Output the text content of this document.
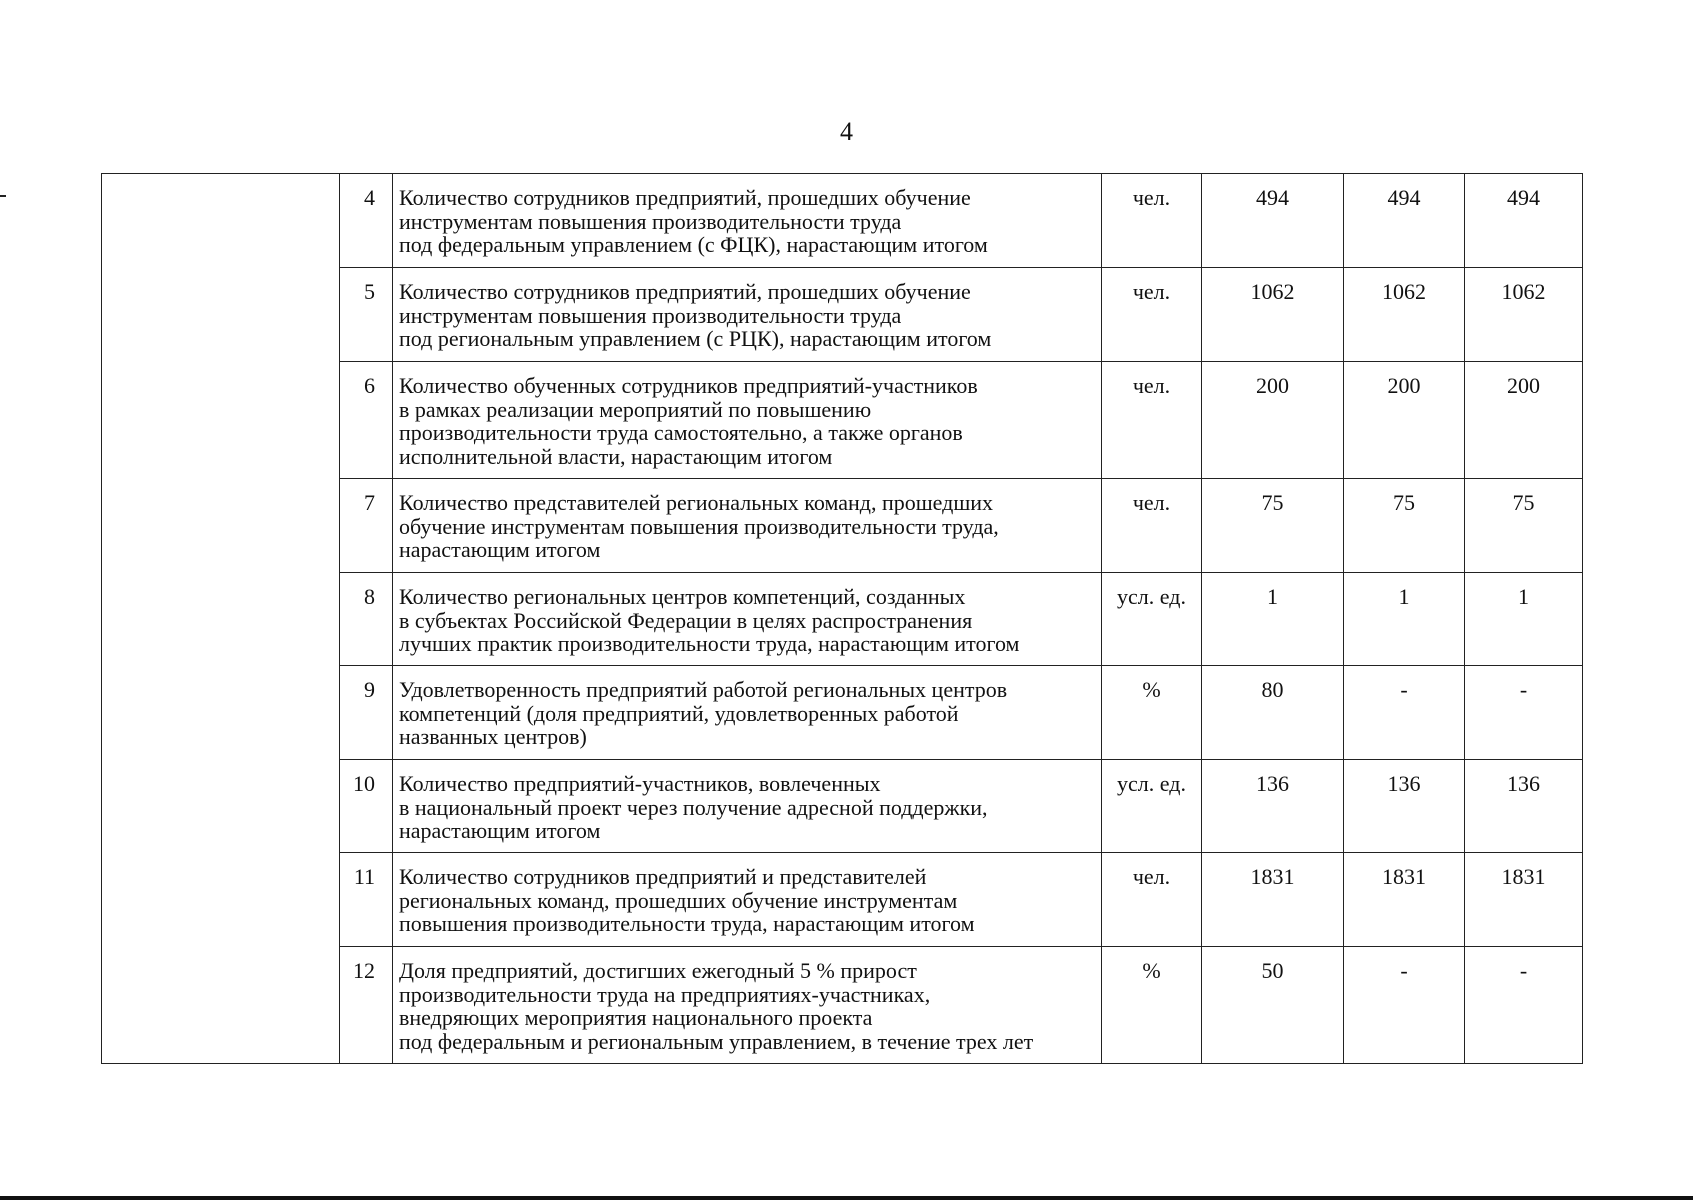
4
	4	Количество сотрудников предприятий, прошедших обучение
инструментам повышения производительности труда
под федеральным управлением (с ФЦК), нарастающим итогом	чел.	494	494	494
	5	Количество сотрудников предприятий, прошедших обучение
инструментам повышения производительности труда
под региональным управлением (с РЦК), нарастающим итогом	чел.	1062	1062	1062
	6	Количество обученных сотрудников предприятий-участников
в рамках реализации мероприятий по повышению
производительности труда самостоятельно, а также органов
исполнительной власти, нарастающим итогом	чел.	200	200	200
	7	Количество представителей региональных команд, прошедших
обучение инструментам повышения производительности труда,
нарастающим итогом	чел.	75	75	75
	8	Количество региональных центров компетенций, созданных
в субъектах Российской Федерации в целях распространения
лучших практик производительности труда, нарастающим итогом	усл. ед.	1	1	1
	9	Удовлетворенность предприятий работой региональных центров
компетенций (доля предприятий, удовлетворенных работой
названных центров)	%	80	-	-
	10	Количество предприятий-участников, вовлеченных
в национальный проект через получение адресной поддержки,
нарастающим итогом	усл. ед.	136	136	136
	11	Количество сотрудников предприятий и представителей
региональных команд, прошедших обучение инструментам
повышения производительности труда, нарастающим итогом	чел.	1831	1831	1831
	12	Доля предприятий, достигших ежегодный 5 % прирост
производительности труда на предприятиях-участниках,
внедряющих мероприятия национального проекта
под федеральным и региональным управлением, в течение трех лет	%	50	-	-
